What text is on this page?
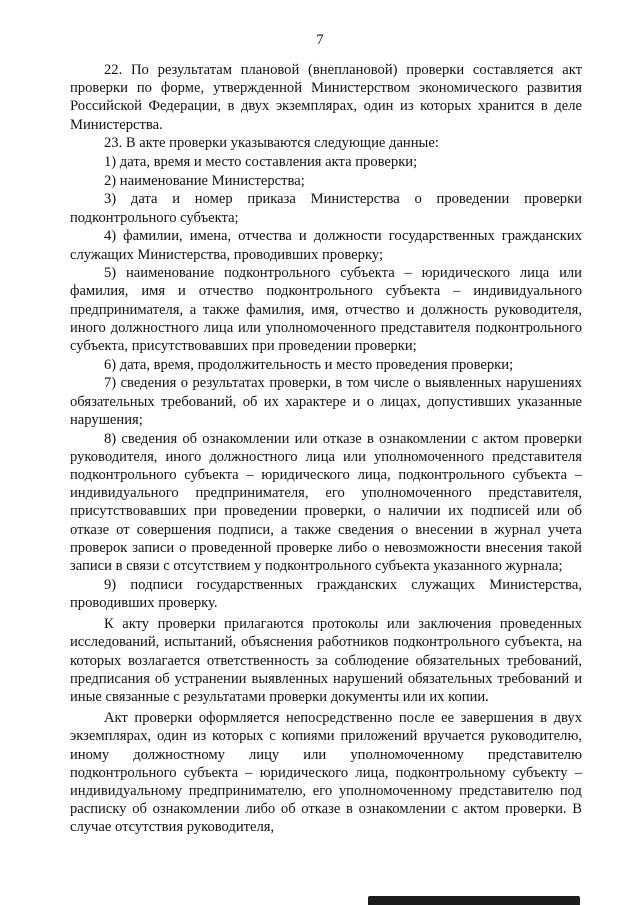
7

22. По результатам плановой (внеплановой) проверки составляется акт проверки по форме, утвержденной Министерством экономического развития Российской Федерации, в двух экземплярах, один из которых хранится в деле Министерства.

23. В акте проверки указываются следующие данные:

1) дата, время и место составления акта проверки;

2) наименование Министерства;

3) дата и номер приказа Министерства о проведении проверки подконтрольного субъекта;

4) фамилии, имена, отчества и должности государственных гражданских служащих Министерства, проводивших проверку;

5) наименование подконтрольного субъекта – юридического лица или фамилия, имя и отчество подконтрольного субъекта – индивидуального предпринимателя, а также фамилия, имя, отчество и должность руководителя, иного должностного лица или уполномоченного представителя подконтрольного субъекта, присутствовавших при проведении проверки;

6) дата, время, продолжительность и место проведения проверки;

7) сведения о результатах проверки, в том числе о выявленных нарушениях обязательных требований, об их характере и о лицах, допустивших указанные нарушения;

8) сведения об ознакомлении или отказе в ознакомлении с актом проверки руководителя, иного должностного лица или уполномоченного представителя подконтрольного субъекта – юридического лица, подконтрольного субъекта – индивидуального предпринимателя, его уполномоченного представителя, присутствовавших при проведении проверки, о наличии их подписей или об отказе от совершения подписи, а также сведения о внесении в журнал учета проверок записи о проведенной проверке либо о невозможности внесения такой записи в связи с отсутствием у подконтрольного субъекта указанного журнала;

9) подписи государственных гражданских служащих Министерства, проводивших проверку.

К акту проверки прилагаются протоколы или заключения проведенных исследований, испытаний, объяснения работников подконтрольного субъекта, на которых возлагается ответственность за соблюдение обязательных требований, предписания об устранении выявленных нарушений обязательных требований и иные связанные с результатами проверки документы или их копии.

Акт проверки оформляется непосредственно после ее завершения в двух экземплярах, один из которых с копиями приложений вручается руководителю, иному должностному лицу или уполномоченному представителю подконтрольного субъекта – юридического лица, подконтрольному субъекту – индивидуальному предпринимателю, его уполномоченному представителю под расписку об ознакомлении либо об отказе в ознакомлении с актом проверки. В случае отсутствия руководителя,
